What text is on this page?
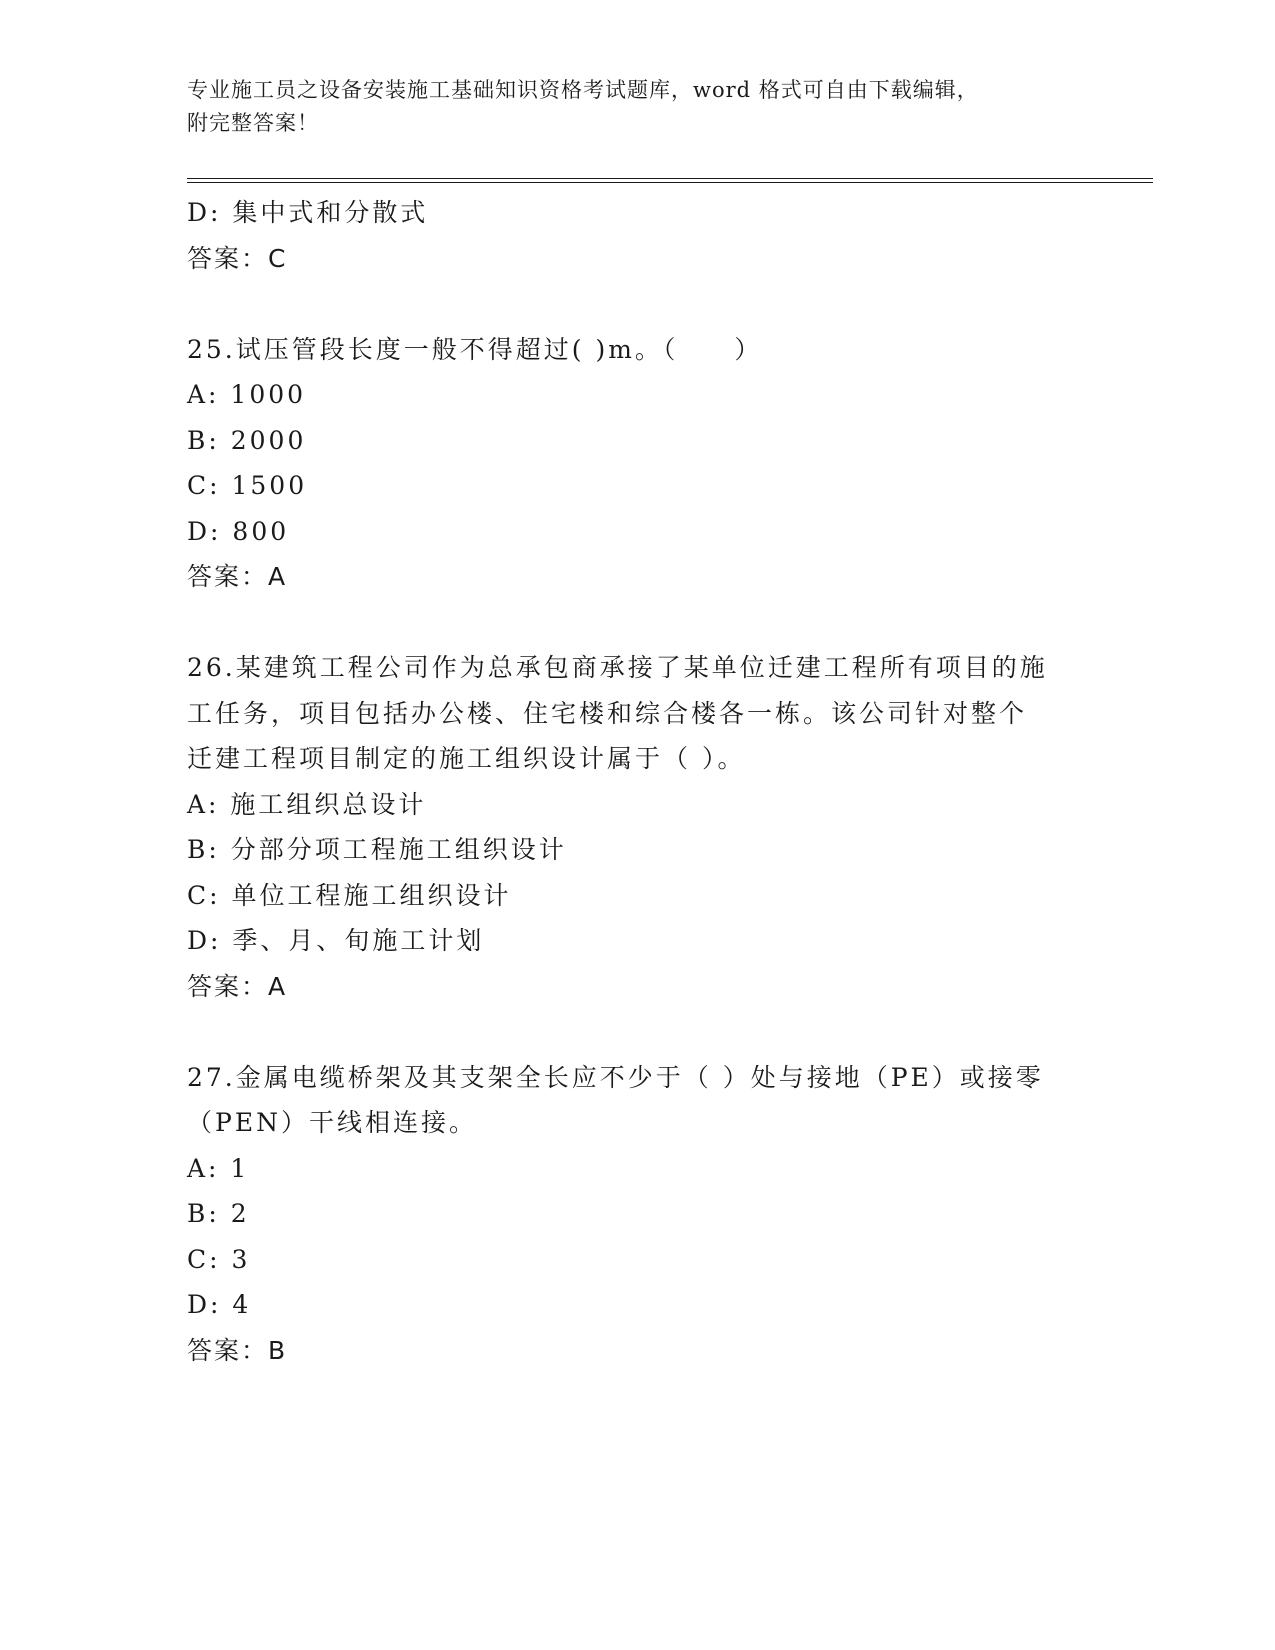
专业施工员之设备安装施工基础知识资格考试题库，word 格式可自由下载编辑，
附完整答案！
D: 集中式和分散式
答案：C
25.试压管段长度一般不得超过( )m。（　　）
A: 1000
B: 2000
C: 1500
D: 800
答案：A
26.某建筑工程公司作为总承包商承接了某单位迁建工程所有项目的施
工任务，项目包括办公楼、住宅楼和综合楼各一栋。该公司针对整个
迁建工程项目制定的施工组织设计属于（ ）。
A: 施工组织总设计
B: 分部分项工程施工组织设计
C: 单位工程施工组织设计
D: 季、月、旬施工计划
答案：A
27.金属电缆桥架及其支架全长应不少于（ ）处与接地（PE）或接零
（PEN）干线相连接。
A: 1
B: 2
C: 3
D: 4
答案：B
